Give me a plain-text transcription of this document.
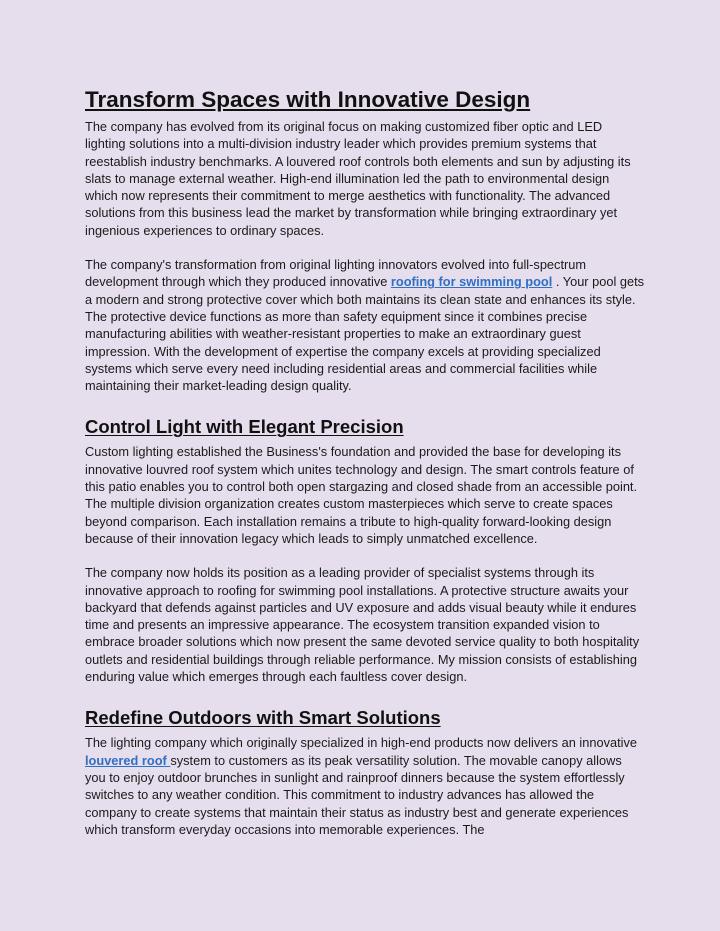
Transform Spaces with Innovative Design

The company has evolved from its original focus on making customized fiber optic and LED lighting solutions into a multi-division industry leader which provides premium systems that reestablish industry benchmarks. A louvered roof controls both elements and sun by adjusting its slats to manage external weather. High-end illumination led the path to environmental design which now represents their commitment to merge aesthetics with functionality. The advanced solutions from this business lead the market by transformation while bringing extraordinary yet ingenious experiences to ordinary spaces.

The company's transformation from original lighting innovators evolved into full-spectrum development through which they produced innovative roofing for swimming pool . Your pool gets a modern and strong protective cover which both maintains its clean state and enhances its style. The protective device functions as more than safety equipment since it combines precise manufacturing abilities with weather-resistant properties to make an extraordinary guest impression. With the development of expertise the company excels at providing specialized systems which serve every need including residential areas and commercial facilities while maintaining their market-leading design quality.

Control Light with Elegant Precision

Custom lighting established the Business's foundation and provided the base for developing its innovative louvred roof system which unites technology and design. The smart controls feature of this patio enables you to control both open stargazing and closed shade from an accessible point. The multiple division organization creates custom masterpieces which serve to create spaces beyond comparison. Each installation remains a tribute to high-quality forward-looking design because of their innovation legacy which leads to simply unmatched excellence.

The company now holds its position as a leading provider of specialist systems through its innovative approach to roofing for swimming pool installations. A protective structure awaits your backyard that defends against particles and UV exposure and adds visual beauty while it endures time and presents an impressive appearance. The ecosystem transition expanded vision to embrace broader solutions which now present the same devoted service quality to both hospitality outlets and residential buildings through reliable performance. My mission consists of establishing enduring value which emerges through each faultless cover design.

Redefine Outdoors with Smart Solutions

The lighting company which originally specialized in high-end products now delivers an innovative louvered roof system to customers as its peak versatility solution. The movable canopy allows you to enjoy outdoor brunches in sunlight and rainproof dinners because the system effortlessly switches to any weather condition. This commitment to industry advances has allowed the company to create systems that maintain their status as industry best and generate experiences which transform everyday occasions into memorable experiences. The
